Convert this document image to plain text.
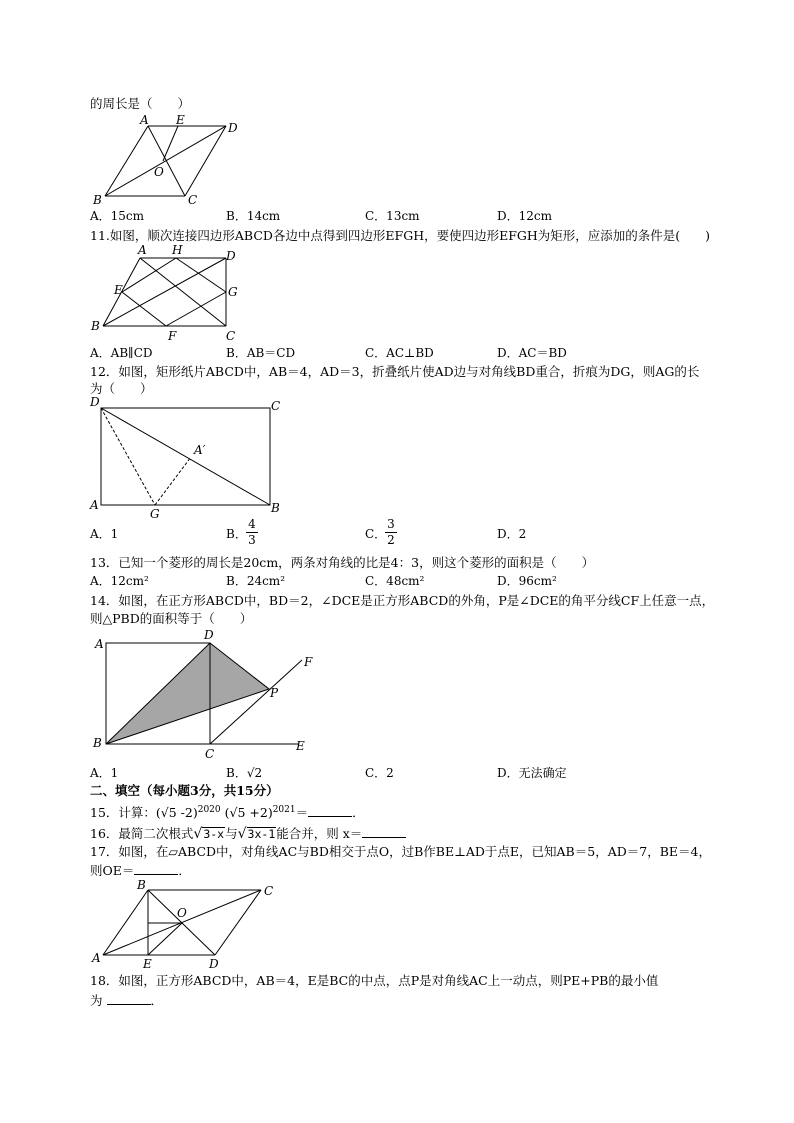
的周长是（　　）
A E
D
O
B	C
A．15cm	B．14cm	C．13cm	D．12cm
11.如图，顺次连接四边形ABCD各边中点得到四边形EFGH，要使四边形EFGH为矩形，应添加的条件是(　　)
A H	D
E	G
B
F	C
A．AB∥CD	B．AB＝CD	C．AC⊥BD	D．AC＝BD
12．如图，矩形纸片ABCD中，AB＝4，AD＝3，折叠纸片使AD边与对角线BD重合，折痕为DG，则AG的长
为（　　）
D	C
A′
A
G	B
A．1	B．
4
3	C．
3
2	D．2
13．已知一个菱形的周长是20cm，两条对角线的比是4：3，则这个菱形的面积是（　　）
A．12cm²	B．24cm²	C．48cm²	D．96cm²
14．如图，在正方形ABCD中，BD＝2，∠DCE是正方形ABCD的外角，P是∠DCE的角平分线CF上任意一点，
则△PBD的面积等于（　　）
A
D
F
P
B
C
E
A．1	B．√2	C．2	D．无法确定
二、填空（每小题3分，共15分）
15．计算：(√5 -2)$^{2020}$ $(√5 +2)^{2021}=$	．
16．最简二次根式√3-x与√3x-1能合并，则 x＝
17．如图，在▱ABCD中，对角线AC与BD相交于点O，过B作BE⊥AD于点E，已知AB＝5，AD＝7，BE＝4，
则OE＝	．
B	C
O
A	E	D
18．如图，正方形ABCD中，AB＝4，E是BC的中点，点P是对角线AC上一动点，则PE+PB的最小值
为	．
